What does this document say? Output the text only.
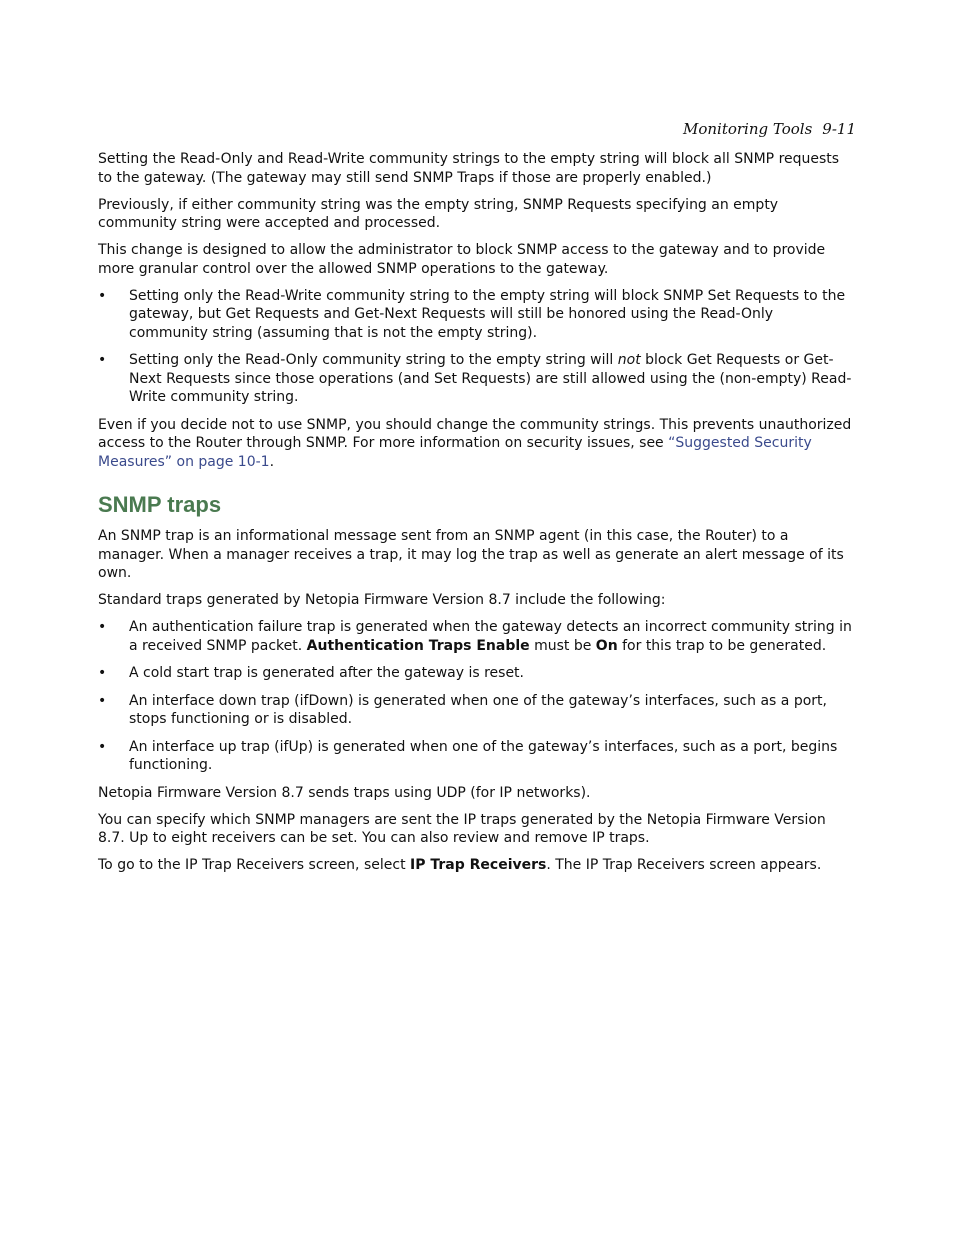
Monitoring Tools 9-11

Setting the Read-Only and Read-Write community strings to the empty string will block all SNMP requests to the gateway. (The gateway may still send SNMP Traps if those are properly enabled.)

Previously, if either community string was the empty string, SNMP Requests specifying an empty community string were accepted and processed.

This change is designed to allow the administrator to block SNMP access to the gateway and to provide more granular control over the allowed SNMP operations to the gateway.

• Setting only the Read-Write community string to the empty string will block SNMP Set Requests to the gateway, but Get Requests and Get-Next Requests will still be honored using the Read-Only community string (assuming that is not the empty string).
• Setting only the Read-Only community string to the empty string will not block Get Requests or Get-Next Requests since those operations (and Set Requests) are still allowed using the (non-empty) Read-Write community string.

Even if you decide not to use SNMP, you should change the community strings. This prevents unauthorized access to the Router through SNMP. For more information on security issues, see “Suggested Security Measures” on page 10-1.

SNMP traps

An SNMP trap is an informational message sent from an SNMP agent (in this case, the Router) to a manager. When a manager receives a trap, it may log the trap as well as generate an alert message of its own.

Standard traps generated by Netopia Firmware Version 8.7 include the following:

• An authentication failure trap is generated when the gateway detects an incorrect community string in a received SNMP packet. Authentication Traps Enable must be On for this trap to be generated.
• A cold start trap is generated after the gateway is reset.
• An interface down trap (ifDown) is generated when one of the gateway’s interfaces, such as a port, stops functioning or is disabled.
• An interface up trap (ifUp) is generated when one of the gateway’s interfaces, such as a port, begins functioning.

Netopia Firmware Version 8.7 sends traps using UDP (for IP networks).

You can specify which SNMP managers are sent the IP traps generated by the Netopia Firmware Version 8.7. Up to eight receivers can be set. You can also review and remove IP traps.

To go to the IP Trap Receivers screen, select IP Trap Receivers. The IP Trap Receivers screen appears.
